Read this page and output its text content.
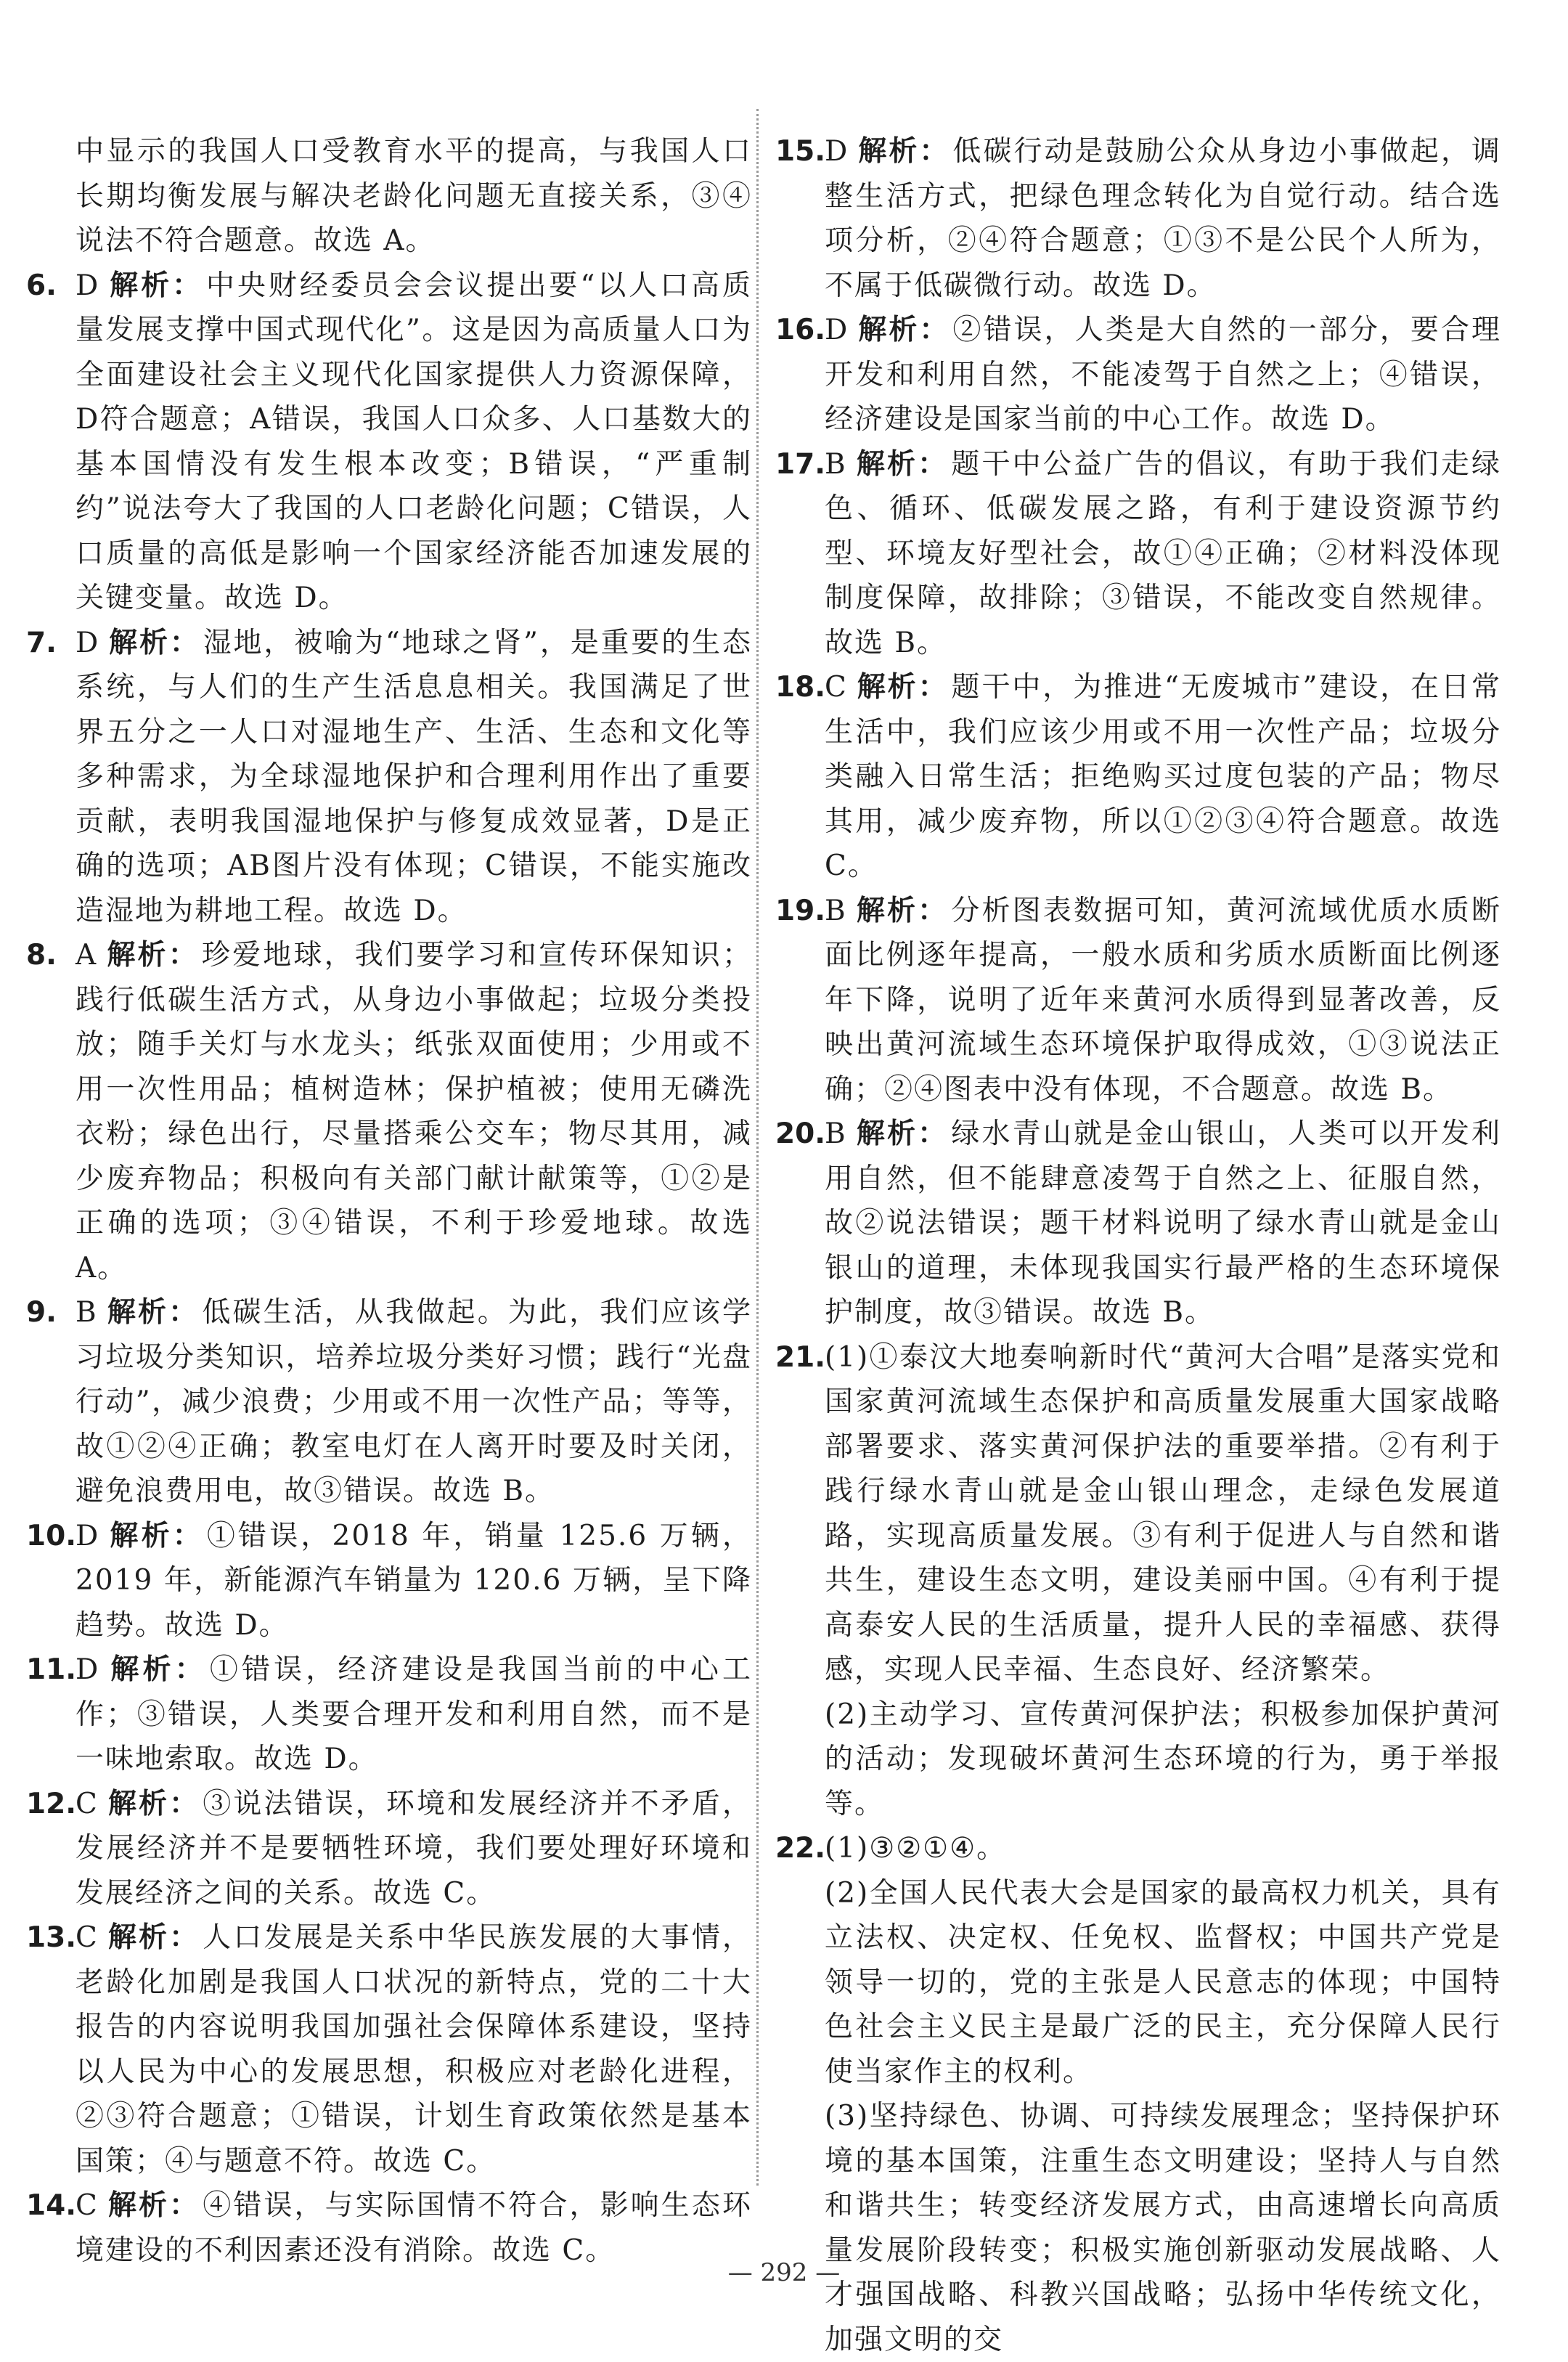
中显示的我国人口受教育水平的提高，与我国人口长期均衡发展与解决老龄化问题无直接关系，③④说法不符合题意。故选 A。

6. D 解析： 中央财经委员会会议提出要“以人口高质量发展支撑中国式现代化”。这是因为高质量人口为全面建设社会主义现代化国家提供人力资源保障，D符合题意；A错误，我国人口众多、人口基数大的基本国情没有发生根本改变；B错误，“严重制约”说法夸大了我国的人口老龄化问题；C错误，人口质量的高低是影响一个国家经济能否加速发展的关键变量。故选 D。

7. D 解析： 湿地，被喻为“地球之肾”，是重要的生态系统，与人们的生产生活息息相关。我国满足了世界五分之一人口对湿地生产、生活、生态和文化等多种需求，为全球湿地保护和合理利用作出了重要贡献，表明我国湿地保护与修复成效显著，D是正确的选项；AB图片没有体现；C错误，不能实施改造湿地为耕地工程。故选 D。

8. A 解析： 珍爱地球，我们要学习和宣传环保知识；践行低碳生活方式，从身边小事做起；垃圾分类投放；随手关灯与水龙头；纸张双面使用；少用或不用一次性用品；植树造林；保护植被；使用无磷洗衣粉；绿色出行，尽量搭乘公交车；物尽其用，减少废弃物品；积极向有关部门献计献策等，①②是正确的选项；③④错误，不利于珍爱地球。故选 A。

9. B 解析： 低碳生活，从我做起。为此，我们应该学习垃圾分类知识，培养垃圾分类好习惯；践行“光盘行动”，减少浪费；少用或不用一次性产品；等等，故①②④正确；教室电灯在人离开时要及时关闭，避免浪费用电，故③错误。故选 B。

10.
D 解析： ①错误，2018 年，销量 125.6 万辆，2019 年，新能源汽车销量为 120.6 万辆，呈下降趋势。故选 D。

11.
D 解析： ①错误，经济建设是我国当前的中心工作；③错误，人类要合理开发和利用自然，而不是一味地索取。故选 D。

12.
C 解析： ③说法错误，环境和发展经济并不矛盾，发展经济并不是要牺牲环境，我们要处理好环境和发展经济之间的关系。故选 C。

13.
C 解析： 人口发展是关系中华民族发展的大事情，老龄化加剧是我国人口状况的新特点，党的二十大报告的内容说明我国加强社会保障体系建设，坚持以人民为中心的发展思想，积极应对老龄化进程，②③符合题意；①错误，计划生育政策依然是基本国策；④与题意不符。故选 C。

14.
C 解析： ④错误，与实际国情不符合，影响生态环境建设的不利因素还没有消除。故选 C。

15.
D 解析： 低碳行动是鼓励公众从身边小事做起，调整生活方式，把绿色理念转化为自觉行动。结合选项分析，②④符合题意；①③不是公民个人所为，不属于低碳微行动。故选 D。

16.
D 解析： ②错误，人类是大自然的一部分，要合理开发和利用自然，不能凌驾于自然之上；④错误，经济建设是国家当前的中心工作。故选 D。

17.
B 解析： 题干中公益广告的倡议，有助于我们走绿色、循环、低碳发展之路，有利于建设资源节约型、环境友好型社会，故①④正确；②材料没体现制度保障，故排除；③错误，不能改变自然规律。故选 B。

18.
C 解析： 题干中，为推进“无废城市”建设，在日常生活中，我们应该少用或不用一次性产品；垃圾分类融入日常生活；拒绝购买过度包装的产品；物尽其用，减少废弃物，所以①②③④符合题意。故选 C。

19.
B 解析： 分析图表数据可知，黄河流域优质水质断面比例逐年提高，一般水质和劣质水质断面比例逐年下降，说明了近年来黄河水质得到显著改善，反映出黄河流域生态环境保护取得成效，①③说法正确；②④图表中没有体现，不合题意。故选 B。

20.
B 解析： 绿水青山就是金山银山，人类可以开发利用自然，但不能肆意凌驾于自然之上、征服自然，故②说法错误；题干材料说明了绿水青山就是金山银山的道理，未体现我国实行最严格的生态环境保护制度，故③错误。故选 B。

21.
(1)①泰汶大地奏响新时代“黄河大合唱”是落实党和国家黄河流域生态保护和高质量发展重大国家战略部署要求、落实黄河保护法的重要举措。②有利于践行绿水青山就是金山银山理念，走绿色发展道路，实现高质量发展。③有利于促进人与自然和谐共生，建设生态文明，建设美丽中国。④有利于提高泰安人民的生活质量，提升人民的幸福感、获得感，实现人民幸福、生态良好、经济繁荣。
(2)主动学习、宣传黄河保护法；积极参加保护黄河的活动；发现破坏黄河生态环境的行为，勇于举报等。
22.
(1)③②①④。
(2)全国人民代表大会是国家的最高权力机关，具有立法权、决定权、任免权、监督权；中国共产党是领导一切的，党的主张是人民意志的体现；中国特色社会主义民主是最广泛的民主，充分保障人民行使当家作主的权利。
(3)坚持绿色、协调、可持续发展理念；坚持保护环境的基本国策，注重生态文明建设；坚持人与自然和谐共生；转变经济发展方式，由高速增长向高质量发展阶段转变；积极实施创新驱动发展战略、人才强国战略、科教兴国战略；弘扬中华传统文化，加强文明的交
— 292 —
